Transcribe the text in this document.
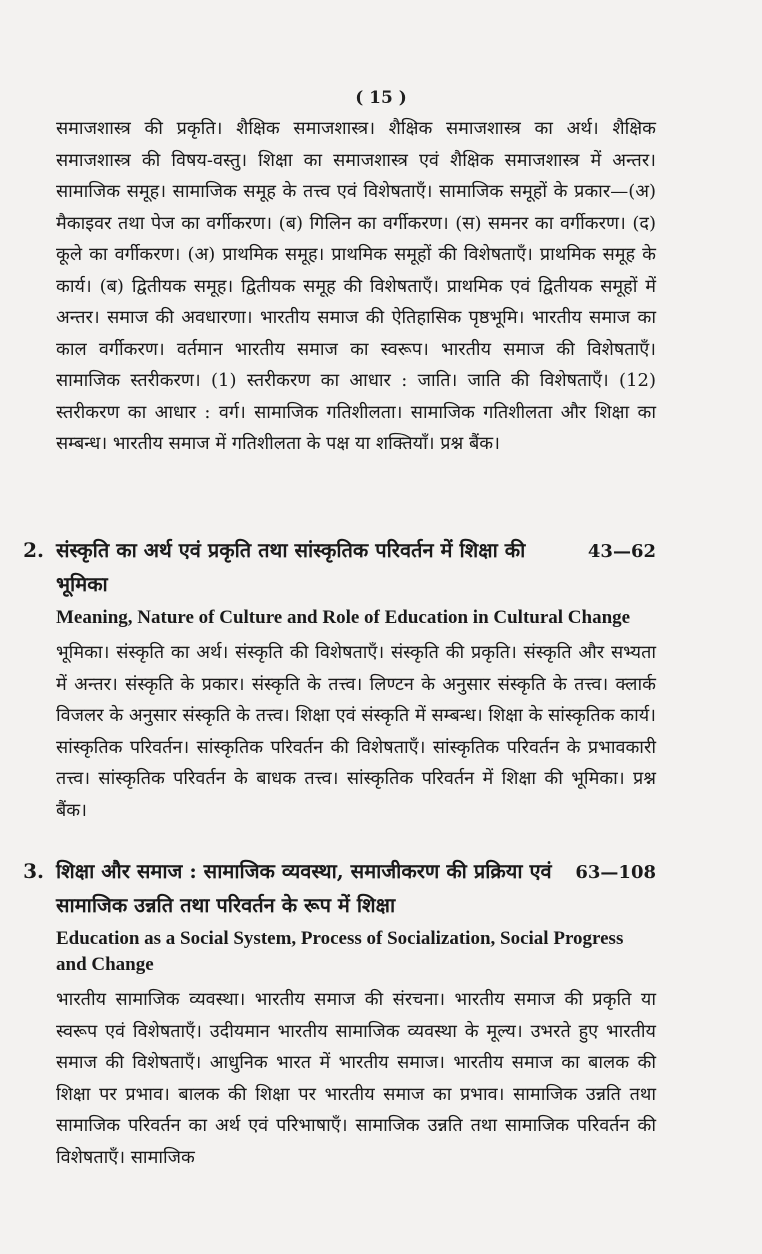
( 15 )
समाजशास्त्र की प्रकृति। शैक्षिक समाजशास्त्र। शैक्षिक समाजशास्त्र का अर्थ। शैक्षिक समाजशास्त्र की विषय-वस्तु। शिक्षा का समाजशास्त्र एवं शैक्षिक समाजशास्त्र में अन्तर। सामाजिक समूह। सामाजिक समूह के तत्त्व एवं विशेषताएँ। सामाजिक समूहों के प्रकार—(अ) मैकाइवर तथा पेज का वर्गीकरण। (ब) गिलिन का वर्गीकरण। (स) समनर का वर्गीकरण। (द) कूले का वर्गीकरण। (अ) प्राथमिक समूह। प्राथमिक समूहों की विशेषताएँ। प्राथमिक समूह के कार्य। (ब) द्वितीयक समूह। द्वितीयक समूह की विशेषताएँ। प्राथमिक एवं द्वितीयक समूहों में अन्तर। समाज की अवधारणा। भारतीय समाज की ऐतिहासिक पृष्ठभूमि। भारतीय समाज का काल वर्गीकरण। वर्तमान भारतीय समाज का स्वरूप। भारतीय समाज की विशेषताएँ। सामाजिक स्तरीकरण। (1) स्तरीकरण का आधार : जाति। जाति की विशेषताएँ। (12) स्तरीकरण का आधार : वर्ग। सामाजिक गतिशीलता। सामाजिक गतिशीलता और शिक्षा का सम्बन्ध। भारतीय समाज में गतिशीलता के पक्ष या शक्तियाँ। प्रश्न बैंक।
2. संस्कृति का अर्थ एवं प्रकृति तथा सांस्कृतिक परिवर्तन में शिक्षा की भूमिका
43—62
Meaning, Nature of Culture and Role of Education in Cultural Change
भूमिका। संस्कृति का अर्थ। संस्कृति की विशेषताएँ। संस्कृति की प्रकृति। संस्कृति और सभ्यता में अन्तर। संस्कृति के प्रकार। संस्कृति के तत्त्व। लिण्टन के अनुसार संस्कृति के तत्त्व। क्लार्क विजलर के अनुसार संस्कृति के तत्त्व। शिक्षा एवं संस्कृति में सम्बन्ध। शिक्षा के सांस्कृतिक कार्य। सांस्कृतिक परिवर्तन। सांस्कृतिक परिवर्तन की विशेषताएँ। सांस्कृतिक परिवर्तन के प्रभावकारी तत्त्व। सांस्कृतिक परिवर्तन के बाधक तत्त्व। सांस्कृतिक परिवर्तन में शिक्षा की भूमिका। प्रश्न बैंक।
3. शिक्षा और समाज : सामाजिक व्यवस्था, समाजीकरण की प्रक्रिया एवं सामाजिक उन्नति तथा परिवर्तन के रूप में शिक्षा
63—108
Education as a Social System, Process of Socialization, Social Progress and Change
भारतीय सामाजिक व्यवस्था। भारतीय समाज की संरचना। भारतीय समाज की प्रकृति या स्वरूप एवं विशेषताएँ। उदीयमान भारतीय सामाजिक व्यवस्था के मूल्य। उभरते हुए भारतीय समाज की विशेषताएँ। आधुनिक भारत में भारतीय समाज। भारतीय समाज का बालक की शिक्षा पर प्रभाव। बालक की शिक्षा पर भारतीय समाज का प्रभाव। सामाजिक उन्नति तथा सामाजिक परिवर्तन का अर्थ एवं परिभाषाएँ। सामाजिक उन्नति तथा सामाजिक परिवर्तन की विशेषताएँ। सामाजिक
